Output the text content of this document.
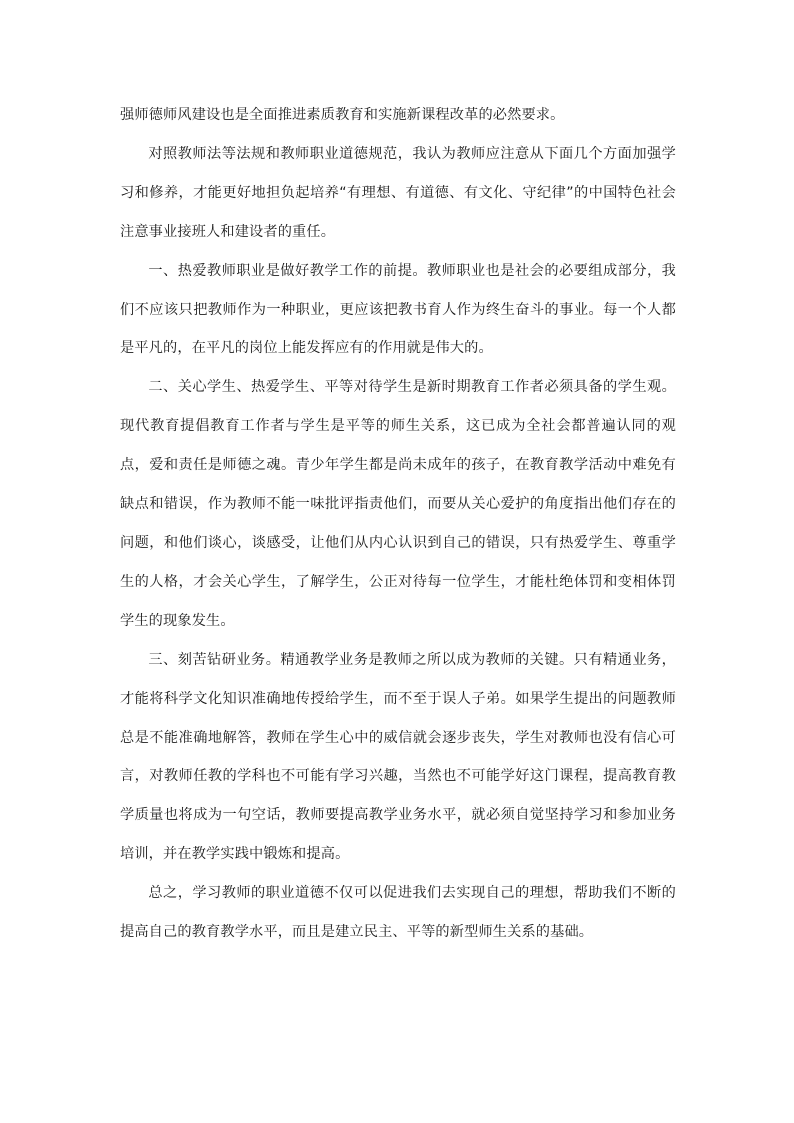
强师德师风建设也是全面推进素质教育和实施新课程改革的必然要求。

对照教师法等法规和教师职业道德规范，我认为教师应注意从下面几个方面加强学习和修养，才能更好地担负起培养“有理想、有道德、有文化、守纪律”的中国特色社会注意事业接班人和建设者的重任。

一、热爱教师职业是做好教学工作的前提。教师职业也是社会的必要组成部分，我们不应该只把教师作为一种职业，更应该把教书育人作为终生奋斗的事业。每一个人都是平凡的，在平凡的岗位上能发挥应有的作用就是伟大的。

二、关心学生、热爱学生、平等对待学生是新时期教育工作者必须具备的学生观。现代教育提倡教育工作者与学生是平等的师生关系，这已成为全社会都普遍认同的观点，爱和责任是师德之魂。青少年学生都是尚未成年的孩子，在教育教学活动中难免有缺点和错误，作为教师不能一味批评指责他们，而要从关心爱护的角度指出他们存在的问题，和他们谈心，谈感受，让他们从内心认识到自己的错误，只有热爱学生、尊重学生的人格，才会关心学生，了解学生，公正对待每一位学生，才能杜绝体罚和变相体罚学生的现象发生。

三、刻苦钻研业务。精通教学业务是教师之所以成为教师的关键。只有精通业务，才能将科学文化知识准确地传授给学生，而不至于误人子弟。如果学生提出的问题教师总是不能准确地解答，教师在学生心中的威信就会逐步丧失，学生对教师也没有信心可言，对教师任教的学科也不可能有学习兴趣，当然也不可能学好这门课程，提高教育教学质量也将成为一句空话，教师要提高教学业务水平，就必须自觉坚持学习和参加业务培训，并在教学实践中锻炼和提高。

总之，学习教师的职业道德不仅可以促进我们去实现自己的理想，帮助我们不断的提高自己的教育教学水平，而且是建立民主、平等的新型师生关系的基础。
